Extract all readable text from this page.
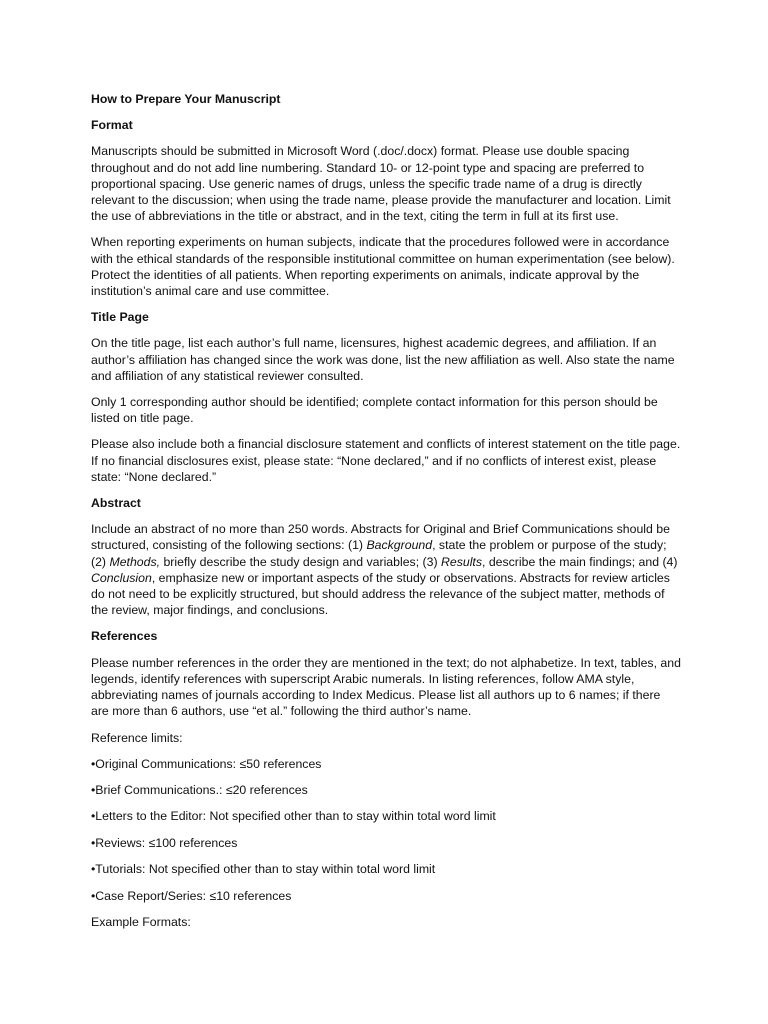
How to Prepare Your Manuscript
Format
Manuscripts should be submitted in Microsoft Word (.doc/.docx) format. Please use double spacing throughout and do not add line numbering. Standard 10- or 12-point type and spacing are preferred to proportional spacing. Use generic names of drugs, unless the specific trade name of a drug is directly relevant to the discussion; when using the trade name, please provide the manufacturer and location. Limit the use of abbreviations in the title or abstract, and in the text, citing the term in full at its first use.
When reporting experiments on human subjects, indicate that the procedures followed were in accordance with the ethical standards of the responsible institutional committee on human experimentation (see below). Protect the identities of all patients. When reporting experiments on animals, indicate approval by the institution’s animal care and use committee.
Title Page
On the title page, list each author’s full name, licensures, highest academic degrees, and affiliation. If an author’s affiliation has changed since the work was done, list the new affiliation as well. Also state the name and affiliation of any statistical reviewer consulted.
Only 1 corresponding author should be identified; complete contact information for this person should be listed on title page.
Please also include both a financial disclosure statement and conflicts of interest statement on the title page. If no financial disclosures exist, please state: “None declared,” and if no conflicts of interest exist, please state: “None declared.”
Abstract
Include an abstract of no more than 250 words. Abstracts for Original and Brief Communications should be structured, consisting of the following sections: (1) Background, state the problem or purpose of the study; (2) Methods, briefly describe the study design and variables; (3) Results, describe the main findings; and (4) Conclusion, emphasize new or important aspects of the study or observations. Abstracts for review articles do not need to be explicitly structured, but should address the relevance of the subject matter, methods of the review, major findings, and conclusions.
References
Please number references in the order they are mentioned in the text; do not alphabetize. In text, tables, and legends, identify references with superscript Arabic numerals. In listing references, follow AMA style, abbreviating names of journals according to Index Medicus. Please list all authors up to 6 names; if there are more than 6 authors, use “et al.” following the third author’s name.
Reference limits:
•Original Communications: ≤50 references
•Brief Communications.: ≤20 references
•Letters to the Editor: Not specified other than to stay within total word limit
•Reviews: ≤100 references
•Tutorials: Not specified other than to stay within total word limit
•Case Report/Series: ≤10 references
Example Formats:
